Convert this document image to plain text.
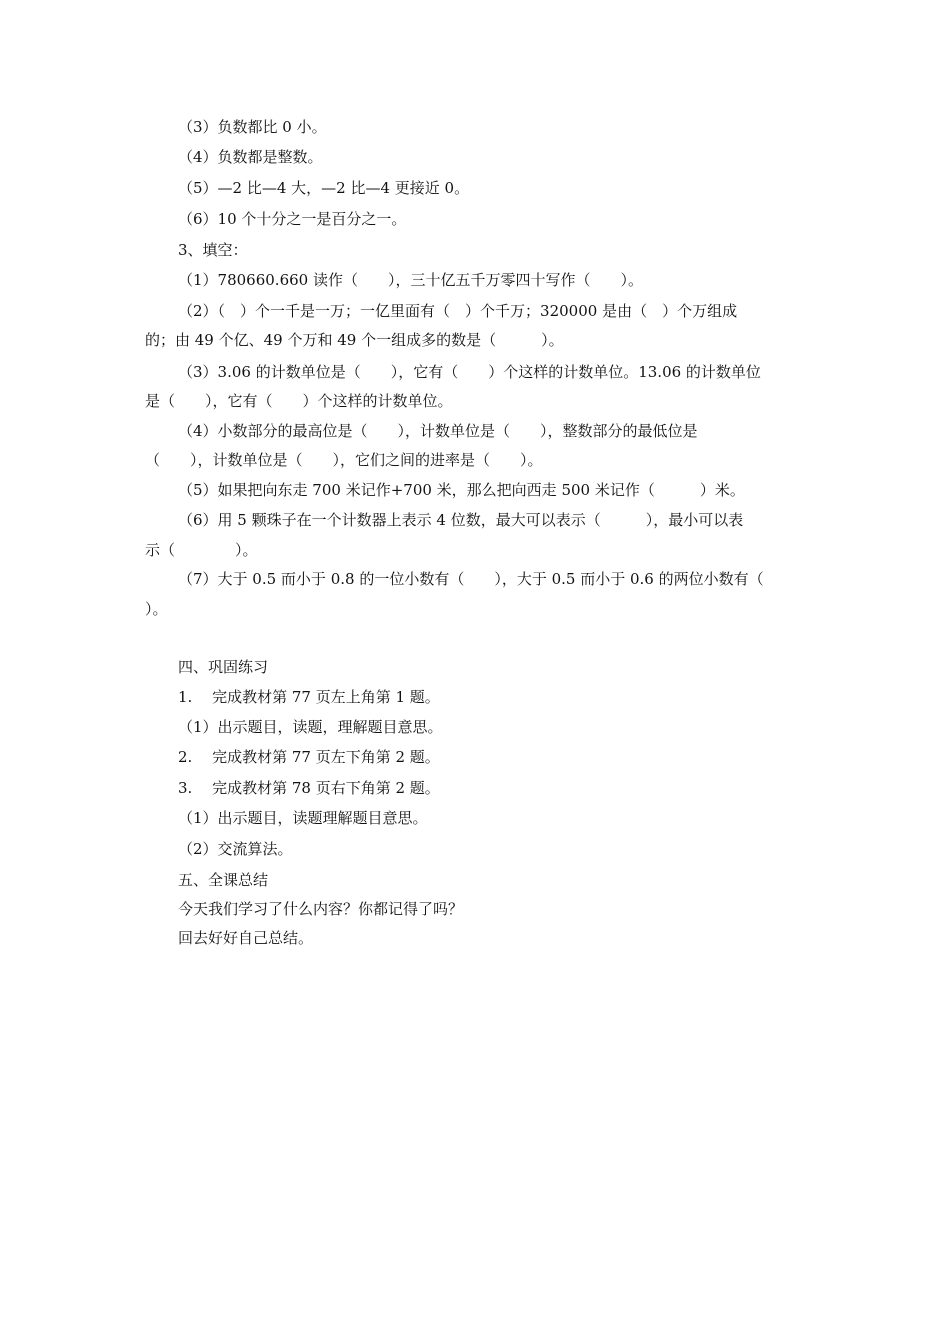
（3）负数都比 0 小。
（4）负数都是整数。
（5）—2 比—4 大，—2 比—4 更接近 0。
（6）10 个十分之一是百分之一。
3、填空：
（1）780660.660 读作（　　），三十亿五千万零四十写作（　　）。
（2）（　）个一千是一万；一亿里面有（　）个千万；320000 是由（　）个万组成
的；由 49 个亿、49 个万和 49 个一组成多的数是（　　　）。
（3）3.06 的计数单位是（　　），它有（　　）个这样的计数单位。13.06 的计数单位
是（　　），它有（　　）个这样的计数单位。
（4）小数部分的最高位是（　　），计数单位是（　　），整数部分的最低位是
（　　），计数单位是（　　），它们之间的进率是（　　）。
（5）如果把向东走 700 米记作+700 米，那么把向西走 500 米记作（　　　）米。
（6）用 5 颗珠子在一个计数器上表示 4 位数，最大可以表示（　　　），最小可以表
示（　　　　）。
（7）大于 0.5 而小于 0.8 的一位小数有（　　），大于 0.5 而小于 0.6 的两位小数有（
）。
四、巩固练习
1.　 完成教材第 77 页左上角第 1 题。
（1）出示题目，读题，理解题目意思。
2.　 完成教材第 77 页左下角第 2 题。
3.　 完成教材第 78 页右下角第 2 题。
（1）出示题目，读题理解题目意思。
（2）交流算法。
五、全课总结
今天我们学习了什么内容？你都记得了吗？
回去好好自己总结。
